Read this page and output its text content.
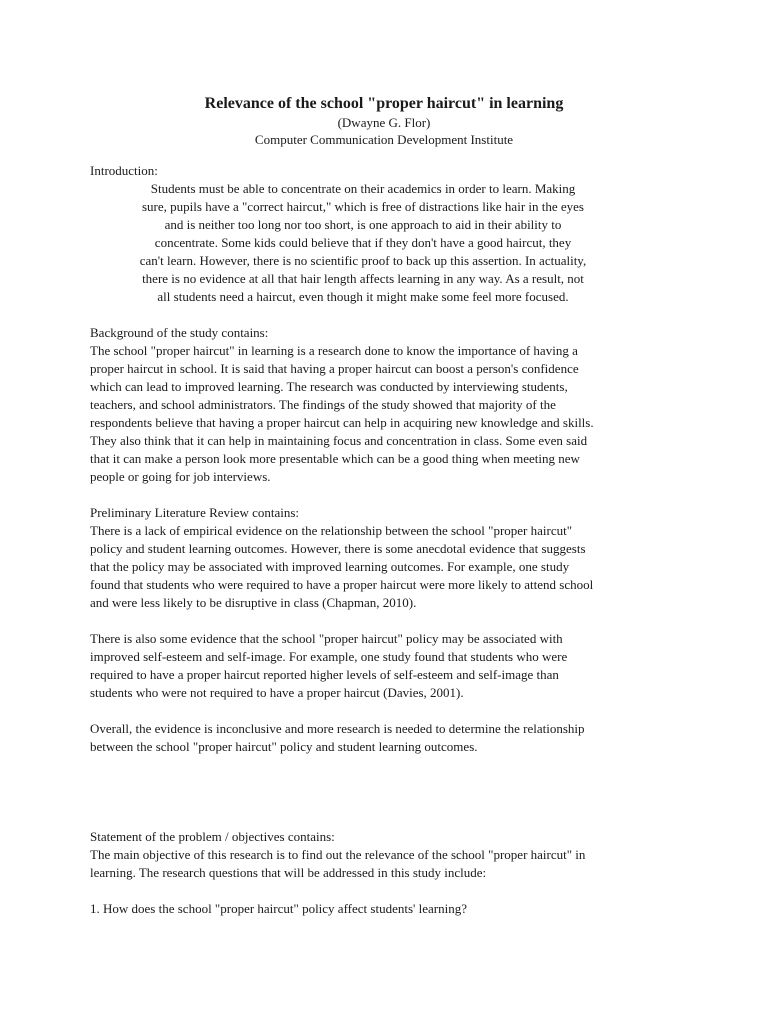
Relevance of the school "proper haircut" in learning

(Dwayne G. Flor)

Computer Communication Development Institute

Introduction:

Students must be able to concentrate on their academics in order to learn. Making
sure, pupils have a "correct haircut," which is free of distractions like hair in the eyes
and is neither too long nor too short, is one approach to aid in their ability to
concentrate. Some kids could believe that if they don't have a good haircut, they
can't learn. However, there is no scientific proof to back up this assertion. In actuality,
there is no evidence at all that hair length affects learning in any way. As a result, not
all students need a haircut, even though it might make some feel more focused.

Background of the study contains:

The school "proper haircut" in learning is a research done to know the importance of having a
proper haircut in school. It is said that having a proper haircut can boost a person's confidence
which can lead to improved learning. The research was conducted by interviewing students,
teachers, and school administrators. The findings of the study showed that majority of the
respondents believe that having a proper haircut can help in acquiring new knowledge and skills.
They also think that it can help in maintaining focus and concentration in class. Some even said
that it can make a person look more presentable which can be a good thing when meeting new
people or going for job interviews.

Preliminary Literature Review contains:

There is a lack of empirical evidence on the relationship between the school "proper haircut"
policy and student learning outcomes. However, there is some anecdotal evidence that suggests
that the policy may be associated with improved learning outcomes. For example, one study
found that students who were required to have a proper haircut were more likely to attend school
and were less likely to be disruptive in class (Chapman, 2010).
There is also some evidence that the school "proper haircut" policy may be associated with
improved self-esteem and self-image. For example, one study found that students who were
required to have a proper haircut reported higher levels of self-esteem and self-image than
students who were not required to have a proper haircut (Davies, 2001).
Overall, the evidence is inconclusive and more research is needed to determine the relationship
between the school "proper haircut" policy and student learning outcomes.

Statement of the problem / objectives contains:

The main objective of this research is to find out the relevance of the school "proper haircut" in
learning. The research questions that will be addressed in this study include:
1. How does the school "proper haircut" policy affect students' learning?
